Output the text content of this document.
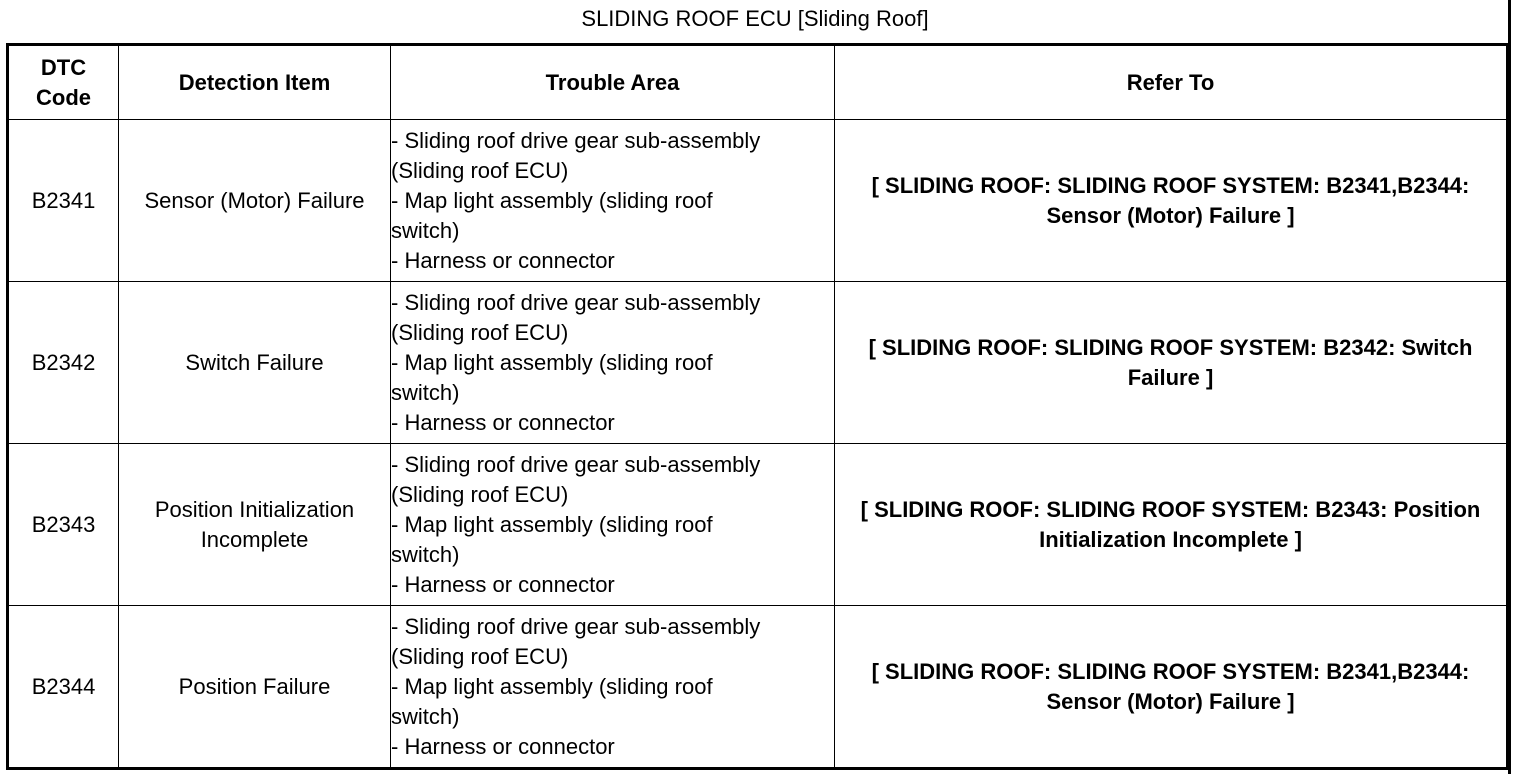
SLIDING ROOF ECU [Sliding Roof]
DTC
Code	Detection Item	Trouble Area	Refer To
B2341	Sensor (Motor) Failure	- Sliding roof drive gear sub-assembly
(Sliding roof ECU)
- Map light assembly (sliding roof
switch)
- Harness or connector	[ SLIDING ROOF: SLIDING ROOF SYSTEM: B2341,B2344: Sensor (Motor) Failure ]
B2342	Switch Failure	- Sliding roof drive gear sub-assembly
(Sliding roof ECU)
- Map light assembly (sliding roof
switch)
- Harness or connector	[ SLIDING ROOF: SLIDING ROOF SYSTEM: B2342: Switch Failure ]
B2343	Position Initialization Incomplete	- Sliding roof drive gear sub-assembly
(Sliding roof ECU)
- Map light assembly (sliding roof
switch)
- Harness or connector	[ SLIDING ROOF: SLIDING ROOF SYSTEM: B2343: Position Initialization Incomplete ]
B2344	Position Failure	- Sliding roof drive gear sub-assembly
(Sliding roof ECU)
- Map light assembly (sliding roof
switch)
- Harness or connector	[ SLIDING ROOF: SLIDING ROOF SYSTEM: B2341,B2344: Sensor (Motor) Failure ]
